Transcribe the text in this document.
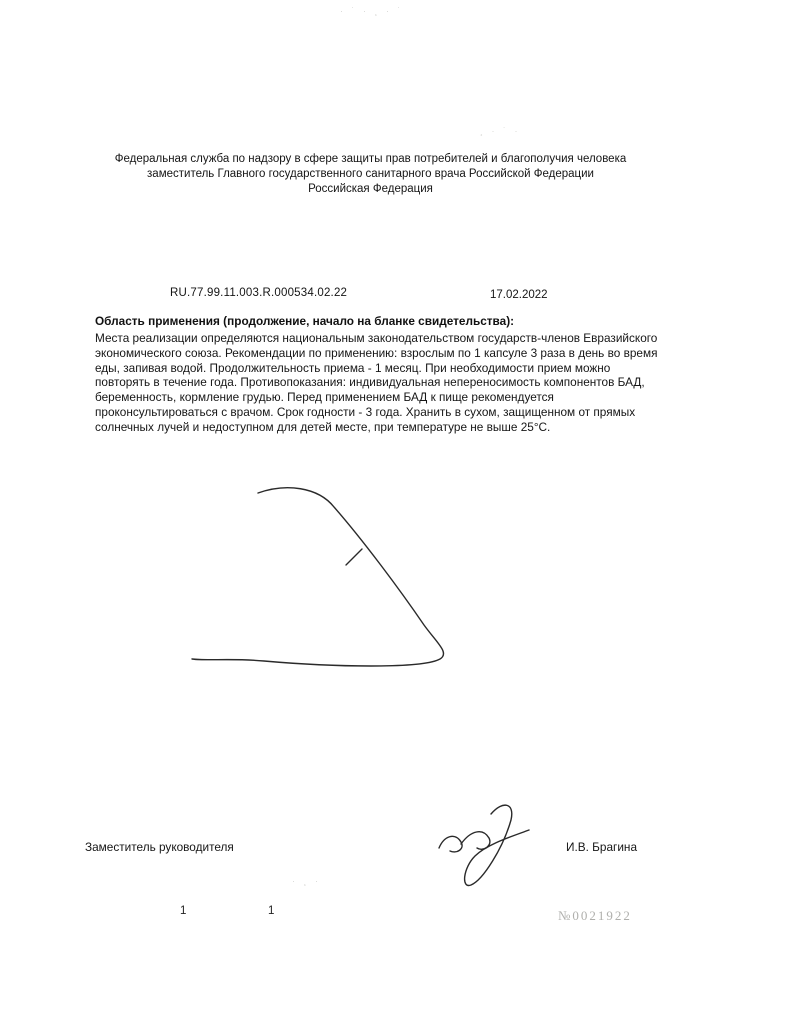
· ˙ · ¸ · ˙
¸ · ˙ ·
· ¸ ·
Федеральная служба по надзору в сфере защиты прав потребителей и благополучия человека
заместитель Главного государственного санитарного врача Российской Федерации
Российская Федерация
RU.77.99.11.003.R.000534.02.22	17.02.2022
Область применения (продолжение, начало на бланке свидетельства):
Места реализации определяются национальным законодательством государств-членов Евразийского экономического союза. Рекомендации по применению: взрослым по 1 капсуле 3 раза в день во время еды, запивая водой. Продолжительность приема - 1 месяц. При необходимости прием можно повторять в течение года. Противопоказания: индивидуальная непереносимость компонентов БАД, беременность, кормление грудью. Перед применением БАД к пище рекомендуется проконсультироваться с врачом. Срок годности - 3 года. Хранить в сухом, защищенном от прямых солнечных лучей и недоступном для детей месте, при температуре не выше 25°С.
Заместитель руководителя	И.В. Брагина
1	1	№0021922
